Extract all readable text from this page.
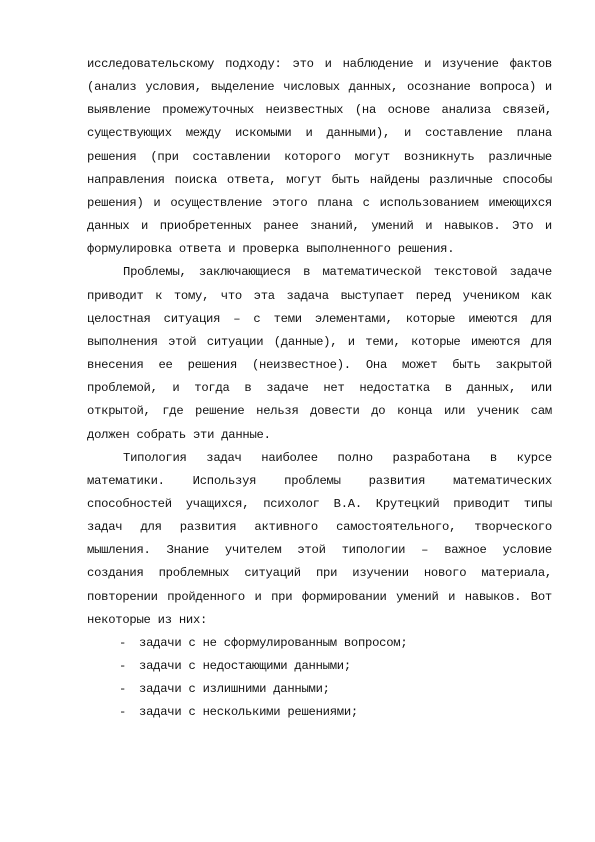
исследовательскому подходу: это и наблюдение и изучение фактов (анализ условия, выделение числовых данных, осознание вопроса) и выявление промежуточных неизвестных (на основе анализа связей, существующих между искомыми и данными), и составление плана решения (при составлении которого могут возникнуть различные направления поиска ответа, могут быть найдены различные способы решения) и осуществление этого плана с использованием имеющихся данных и приобретенных ранее знаний, умений и навыков. Это и формулировка ответа и проверка выполненного решения.

Проблемы, заключающиеся в математической текстовой задаче приводит к тому, что эта задача выступает перед учеником как целостная ситуация – с теми элементами, которые имеются для выполнения этой ситуации (данные), и теми, которые имеются для внесения ее решения (неизвестное). Она может быть закрытой проблемой, и тогда в задаче нет недостатка в данных, или открытой, где решение нельзя довести до конца или ученик сам должен собрать эти данные.

Типология задач наиболее полно разработана в курсе математики. Используя проблемы развития математических способностей учащихся, психолог В.А. Крутецкий приводит типы задач для развития активного самостоятельного, творческого мышления. Знание учителем этой типологии – важное условие создания проблемных ситуаций при изучении нового материала, повторении пройденного и при формировании умений и навыков. Вот некоторые из них:

- задачи с не сформулированным вопросом;
- задачи с недостающими данными;
- задачи с излишними данными;
- задачи с несколькими решениями;
